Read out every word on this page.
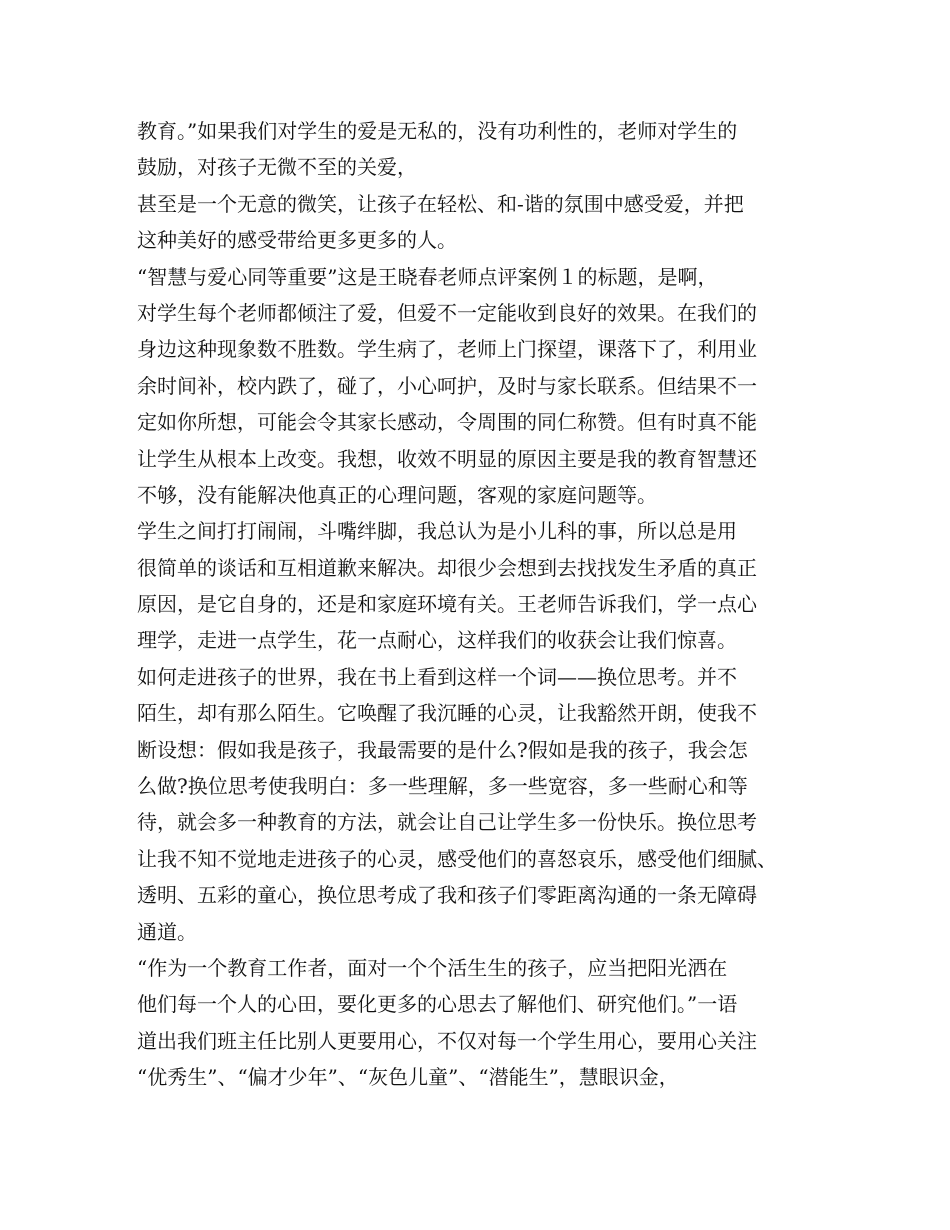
教育。”如果我们对学生的爱是无私的，没有功利性的，老师对学生的
鼓励，对孩子无微不至的关爱，
甚至是一个无意的微笑，让孩子在轻松、和-谐的氛围中感受爱，并把
这种美好的感受带给更多更多的人。
“智慧与爱心同等重要”这是王晓春老师点评案例１的标题，是啊，
对学生每个老师都倾注了爱，但爱不一定能收到良好的效果。在我们的
身边这种现象数不胜数。学生病了，老师上门探望，课落下了，利用业
余时间补，校内跌了，碰了，小心呵护，及时与家长联系。但结果不一
定如你所想，可能会令其家长感动，令周围的同仁称赞。但有时真不能
让学生从根本上改变。我想，收效不明显的原因主要是我的教育智慧还
不够，没有能解决他真正的心理问题，客观的家庭问题等。
学生之间打打闹闹，斗嘴绊脚，我总认为是小儿科的事，所以总是用
很简单的谈话和互相道歉来解决。却很少会想到去找找发生矛盾的真正
原因，是它自身的，还是和家庭环境有关。王老师告诉我们，学一点心
理学，走进一点学生，花一点耐心，这样我们的收获会让我们惊喜。
如何走进孩子的世界，我在书上看到这样一个词——换位思考。并不
陌生，却有那么陌生。它唤醒了我沉睡的心灵，让我豁然开朗，使我不
断设想：假如我是孩子，我最需要的是什么?假如是我的孩子，我会怎
么做?换位思考使我明白：多一些理解，多一些宽容，多一些耐心和等
待，就会多一种教育的方法，就会让自己让学生多一份快乐。换位思考
让我不知不觉地走进孩子的心灵，感受他们的喜怒哀乐，感受他们细腻、
透明、五彩的童心，换位思考成了我和孩子们零距离沟通的一条无障碍
通道。
“作为一个教育工作者，面对一个个活生生的孩子，应当把阳光洒在
他们每一个人的心田，要化更多的心思去了解他们、研究他们。”一语
道出我们班主任比别人更要用心，不仅对每一个学生用心，要用心关注
“优秀生”、“偏才少年”、“灰色儿童”、“潜能生”，慧眼识金，
